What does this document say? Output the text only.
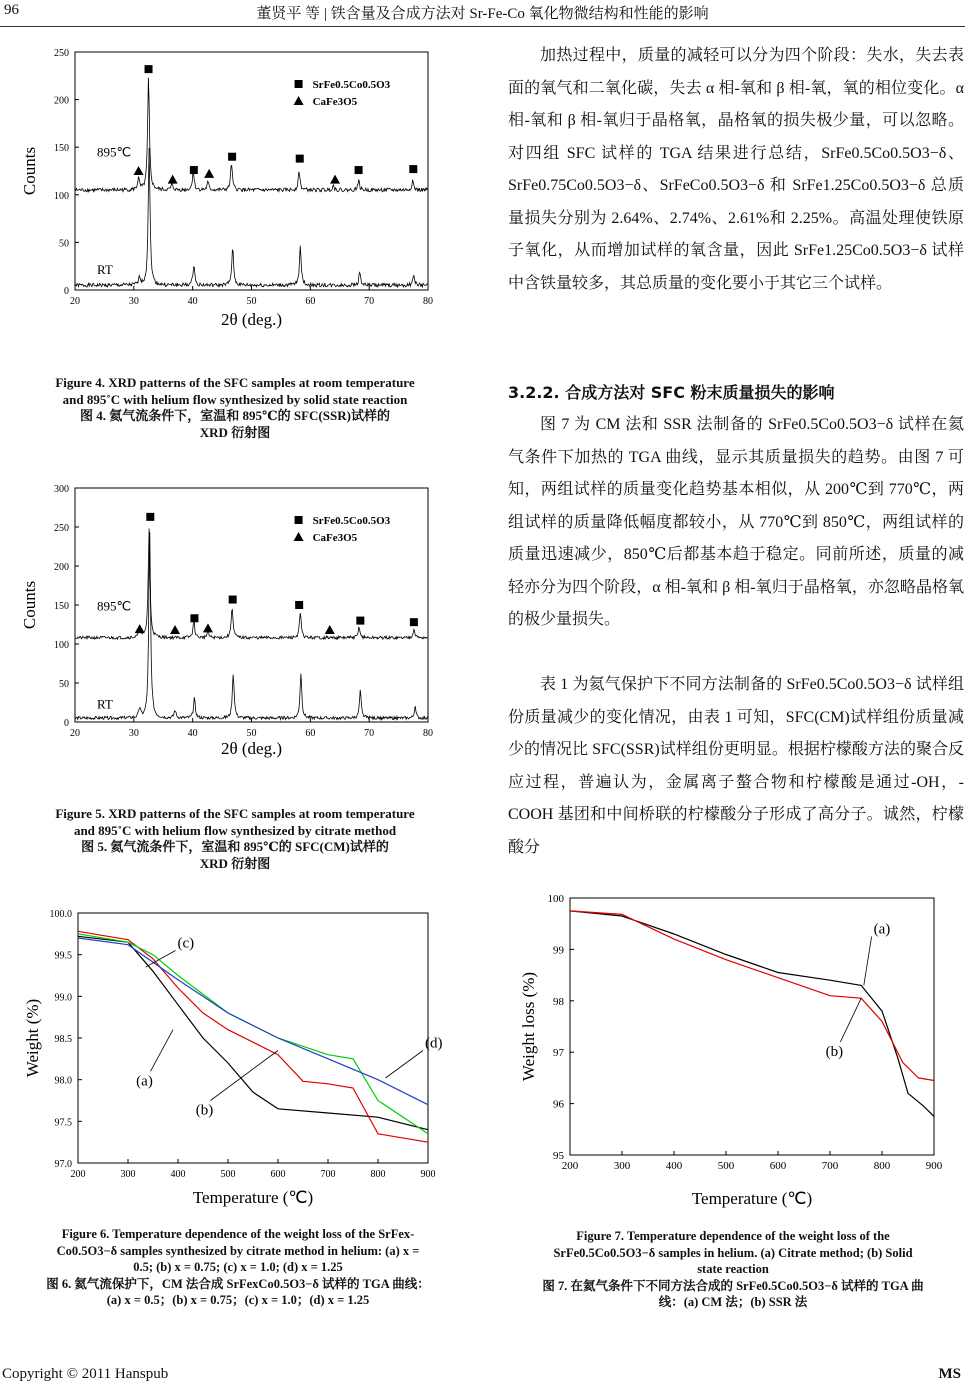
96	董贤平 等 | 铁含量及合成方法对 Sr-Fe-Co 氧化物微结构和性能的影响
20	30	40	50	60	70	80
0
50
100
150
200
250
2θ (deg.)
Counts
RT
895℃
SrFe0.5Co0.5O3
CaFe3O5
20	30	40	50	60	70	80
0
50
100
150
200
250
300
2θ (deg.)
Counts
RT
895℃
SrFe0.5Co0.5O3
CaFe3O5
200	300	400	500	600	700	800	900
97.0
97.5
98.0
98.5
99.0
99.5
100.0
Temperature (℃)
Weight (%)
(a)
(b)
(c)
(d)
200	300	400	500	600	700	800	900
95
96
97
98
99
100
Temperature (℃)
Weight loss (%)
(a)
(b)
Figure 4. XRD patterns of the SFC samples at room temperature
and 895˚C with helium flow synthesized by solid state reaction
图 4. 氦气流条件下，室温和 895℃的 SFC(SSR)试样的
XRD 衍射图
Figure 5. XRD patterns of the SFC samples at room temperature
and 895˚C with helium flow synthesized by citrate method
图 5. 氦气流条件下，室温和 895℃的 SFC(CM)试样的
XRD 衍射图
Figure 6. Temperature dependence of the weight loss of the SrFex-
Co0.5O3−δ samples synthesized by citrate method in helium: (a) x =
0.5; (b) x = 0.75; (c) x = 1.0; (d) x = 1.25
图 6. 氦气流保护下，CM 法合成 SrFexCo0.5O3−δ 试样的 TGA 曲线：
(a) x = 0.5；(b) x = 0.75；(c) x = 1.0；(d) x = 1.25
Figure 7. Temperature dependence of the weight loss of the
SrFe0.5Co0.5O3−δ samples in helium. (a) Citrate method; (b) Solid
state reaction
图 7. 在氦气条件下不同方法合成的 SrFe0.5Co0.5O3−δ 试样的 TGA 曲
线：(a) CM 法；(b) SSR 法
加热过程中，质量的减轻可以分为四个阶段：失水，失去表面的氧气和二氧化碳，失去 α 相-氧和 β 相-氧，氧的相位变化。α 相-氧和 β 相-氧归于晶格氧，晶格氧的损失极少量，可以忽略。对四组 SFC 试样的 TGA 结果进行总结，SrFe0.5Co0.5O3−δ、SrFe0.75Co0.5O3−δ、SrFeCo0.5O3−δ 和 SrFe1.25Co0.5O3−δ 总质量损失分别为 2.64%、2.74%、2.61%和 2.25%。高温处理使铁原子氧化，从而增加试样的氧含量，因此 SrFe1.25Co0.5O3−δ 试样中含铁量较多，其总质量的变化要小于其它三个试样。
3.2.2. 合成方法对 SFC 粉末质量损失的影响
图 7 为 CM 法和 SSR 法制备的 SrFe0.5Co0.5O3−δ 试样在氦气条件下加热的 TGA 曲线，显示其质量损失的趋势。由图 7 可知，两组试样的质量变化趋势基本相似，从 200℃到 770℃，两组试样的质量降低幅度都较小，从 770℃到 850℃，两组试样的质量迅速减少，850℃后都基本趋于稳定。同前所述，质量的减轻亦分为四个阶段，α 相-氧和 β 相-氧归于晶格氧，亦忽略晶格氧的极少量损失。
表 1 为氦气保护下不同方法制备的 SrFe0.5Co0.5O3−δ 试样组份质量减少的变化情况，由表 1 可知，SFC(CM)试样组份质量减少的情况比 SFC(SSR)试样组份更明显。根据柠檬酸方法的聚合反应过程，普遍认为，金属离子螯合物和柠檬酸是通过-OH，-COOH 基团和中间桥联的柠檬酸分子形成了高分子。诚然，柠檬酸分
Copyright © 2011 Hanspub	MS
